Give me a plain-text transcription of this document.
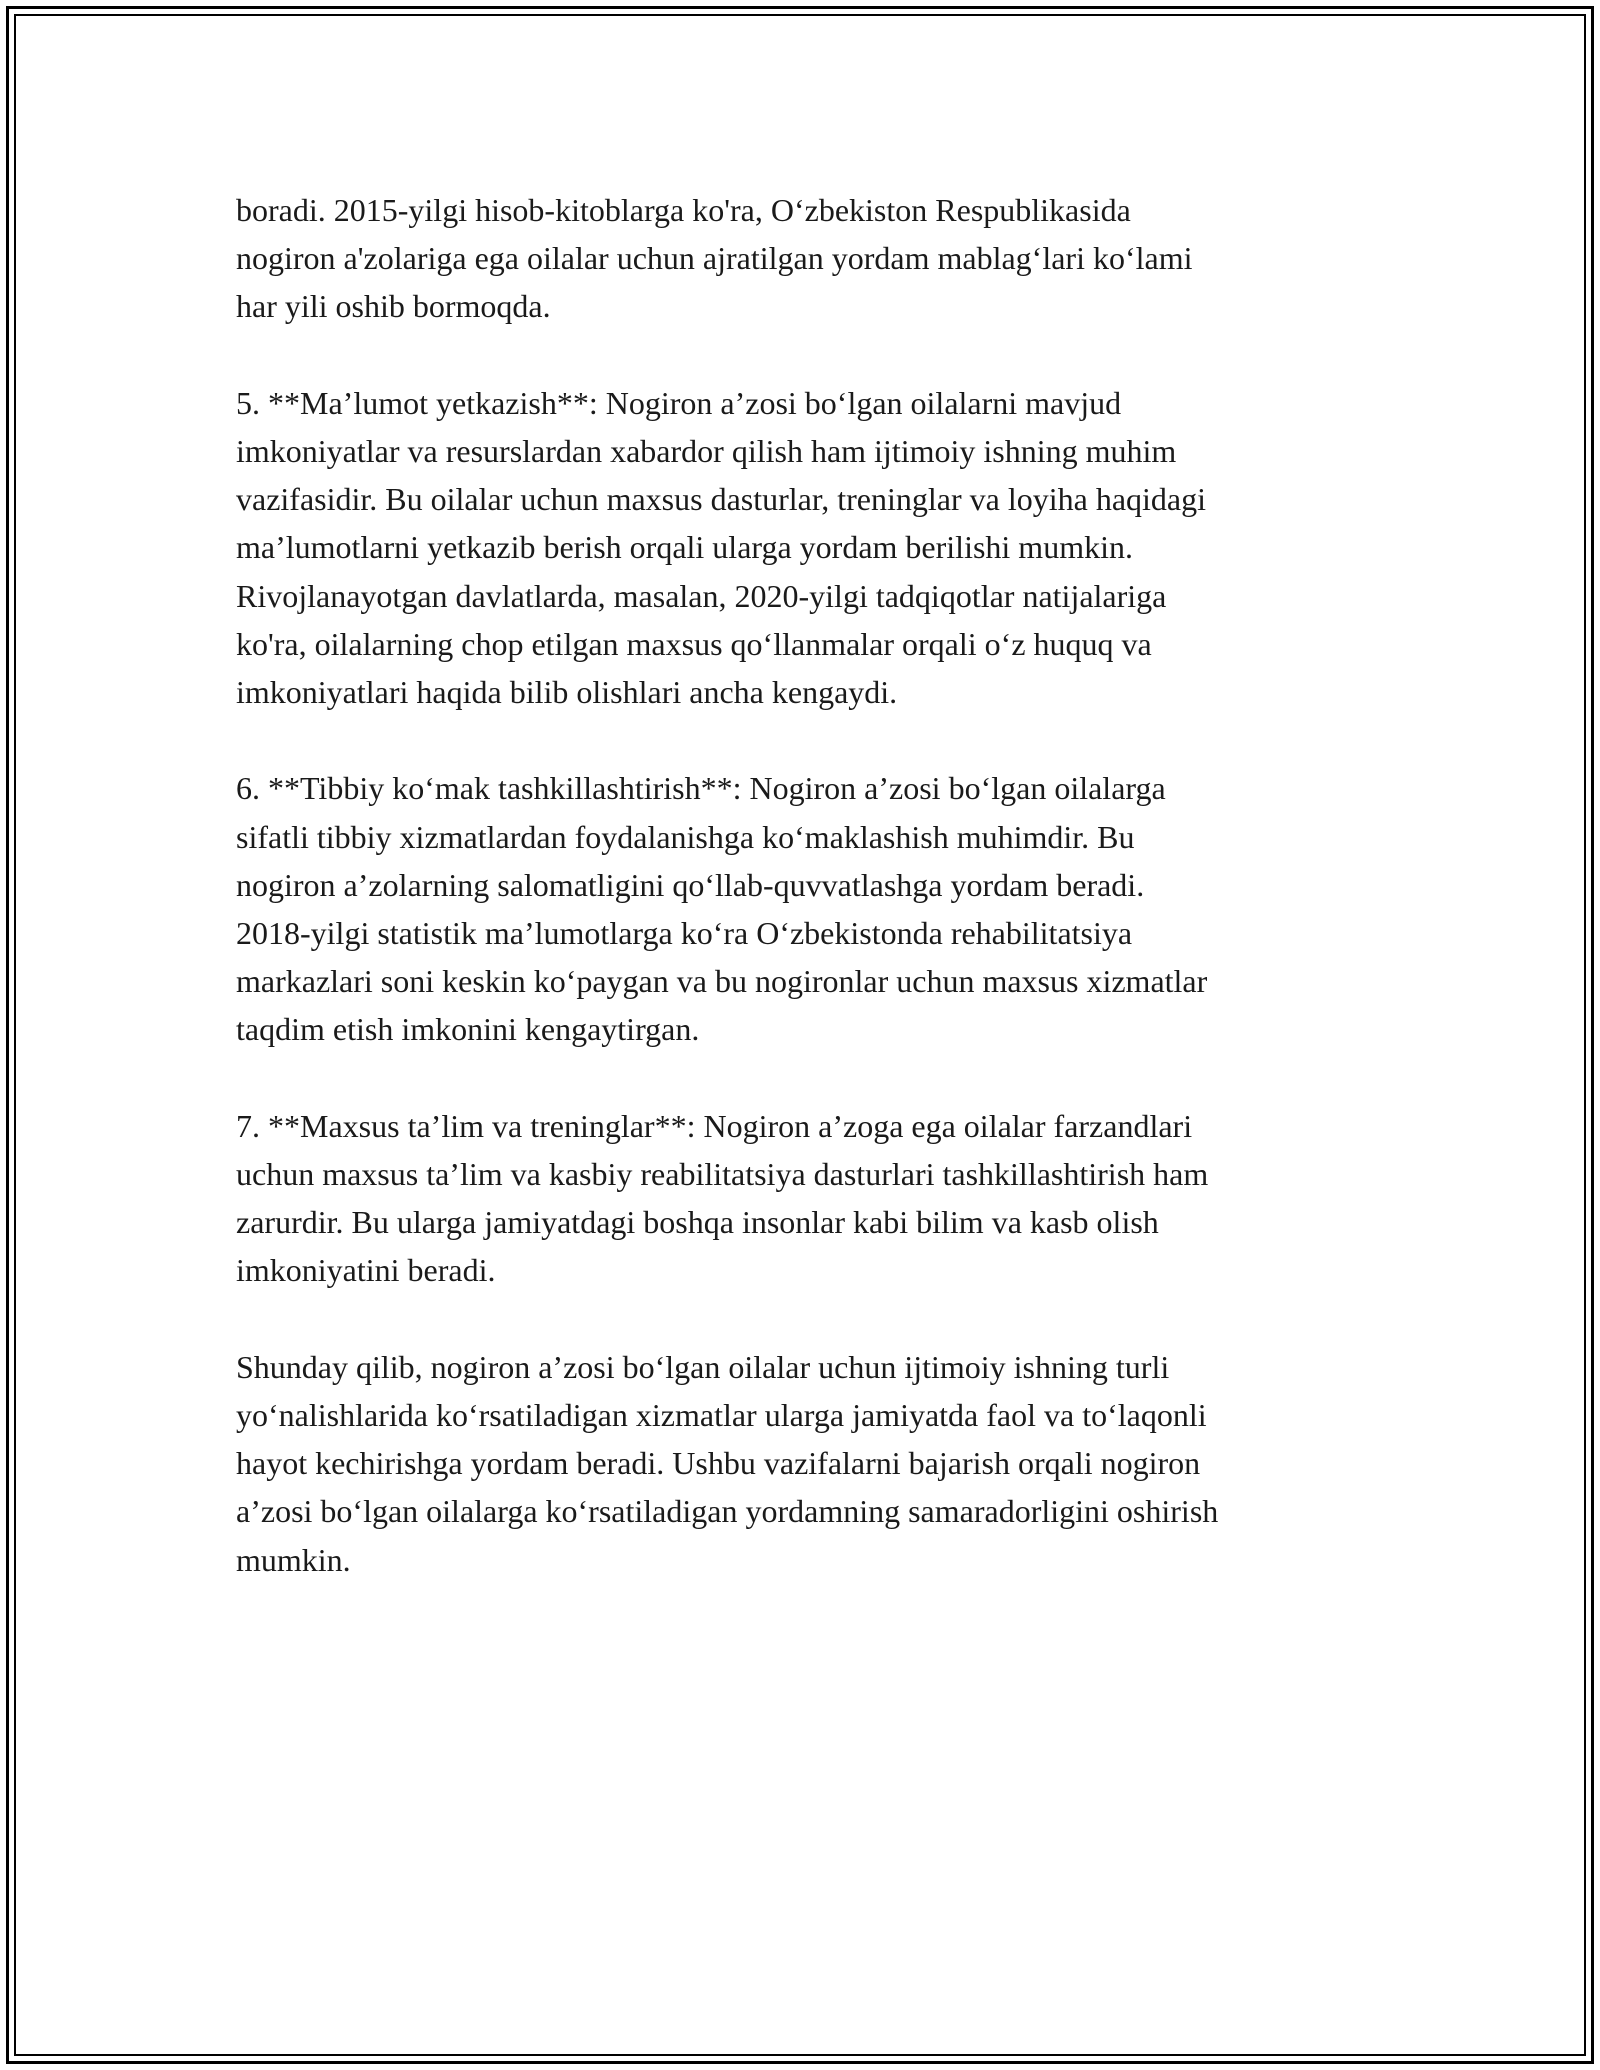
boradi. 2015-yilgi hisob-kitoblarga ko'ra, O‘zbekiston Respublikasida
nogiron a'zolariga ega oilalar uchun ajratilgan yordam mablag‘lari ko‘lami
har yili oshib bormoqda.

5. **Ma’lumot yetkazish**: Nogiron a’zosi bo‘lgan oilalarni mavjud
imkoniyatlar va resurslardan xabardor qilish ham ijtimoiy ishning muhim
vazifasidir. Bu oilalar uchun maxsus dasturlar, treninglar va loyiha haqidagi
ma’lumotlarni yetkazib berish orqali ularga yordam berilishi mumkin.
Rivojlanayotgan davlatlarda, masalan, 2020-yilgi tadqiqotlar natijalariga
ko'ra, oilalarning chop etilgan maxsus qo‘llanmalar orqali o‘z huquq va
imkoniyatlari haqida bilib olishlari ancha kengaydi.

6. **Tibbiy ko‘mak tashkillashtirish**: Nogiron a’zosi bo‘lgan oilalarga
sifatli tibbiy xizmatlardan foydalanishga ko‘maklashish muhimdir. Bu
nogiron a’zolarning salomatligini qo‘llab-quvvatlashga yordam beradi.
2018-yilgi statistik ma’lumotlarga ko‘ra O‘zbekistonda rehabilitatsiya
markazlari soni keskin ko‘paygan va bu nogironlar uchun maxsus xizmatlar
taqdim etish imkonini kengaytirgan.

7. **Maxsus ta’lim va treninglar**: Nogiron a’zoga ega oilalar farzandlari
uchun maxsus ta’lim va kasbiy reabilitatsiya dasturlari tashkillashtirish ham
zarurdir. Bu ularga jamiyatdagi boshqa insonlar kabi bilim va kasb olish
imkoniyatini beradi.

Shunday qilib, nogiron a’zosi bo‘lgan oilalar uchun ijtimoiy ishning turli
yo‘nalishlarida ko‘rsatiladigan xizmatlar ularga jamiyatda faol va to‘laqonli
hayot kechirishga yordam beradi. Ushbu vazifalarni bajarish orqali nogiron
a’zosi bo‘lgan oilalarga ko‘rsatiladigan yordamning samaradorligini oshirish
mumkin.
